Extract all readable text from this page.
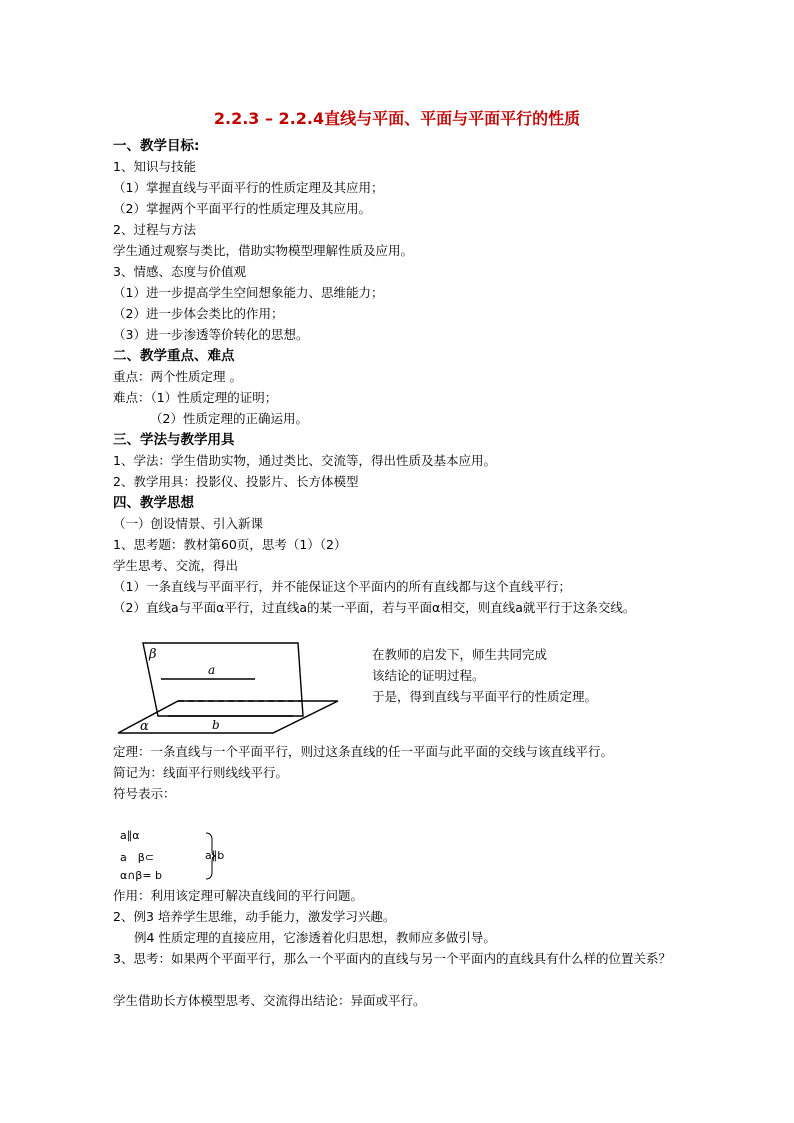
2.2.3 – 2.2.4直线与平面、平面与平面平行的性质
一、教学目标:
1、知识与技能
（1）掌握直线与平面平行的性质定理及其应用；
（2）掌握两个平面平行的性质定理及其应用。
2、过程与方法
学生通过观察与类比，借助实物模型理解性质及应用。
3、情感、态度与价值观
（1）进一步提高学生空间想象能力、思维能力；
（2）进一步体会类比的作用；
（3）进一步渗透等价转化的思想。
二、教学重点、难点
重点：两个性质定理 。
难点：（1）性质定理的证明；
（2）性质定理的正确运用。
三、学法与教学用具
1、学法：学生借助实物，通过类比、交流等，得出性质及基本应用。
2、教学用具：投影仪、投影片、长方体模型
四、教学思想
（一）创设情景、引入新课
1、思考题：教材第60页，思考（1）（2）
学生思考、交流，得出
（1）一条直线与平面平行，并不能保证这个平面内的所有直线都与这个直线平行；
（2）直线a与平面α平行，过直线a的某一平面，若与平面α相交，则直线a就平行于这条交线。
β
a
α	b
在教师的启发下，师生共同完成
该结论的证明过程。
于是，得到直线与平面平行的性质定理。
定理：一条直线与一个平面平行，则过这条直线的任一平面与此平面的交线与该直线平行。
简记为：线面平行则线线平行。
符号表示：
a∥α
a　β⊂	a∥b
α∩β= b
作用：利用该定理可解决直线间的平行问题。
2、例3 培养学生思维，动手能力，激发学习兴趣。
例4 性质定理的直接应用，它渗透着化归思想，教师应多做引导。
3、思考：如果两个平面平行，那么一个平面内的直线与另一个平面内的直线具有什么样的位置关系？
学生借助长方体模型思考、交流得出结论：异面或平行。
